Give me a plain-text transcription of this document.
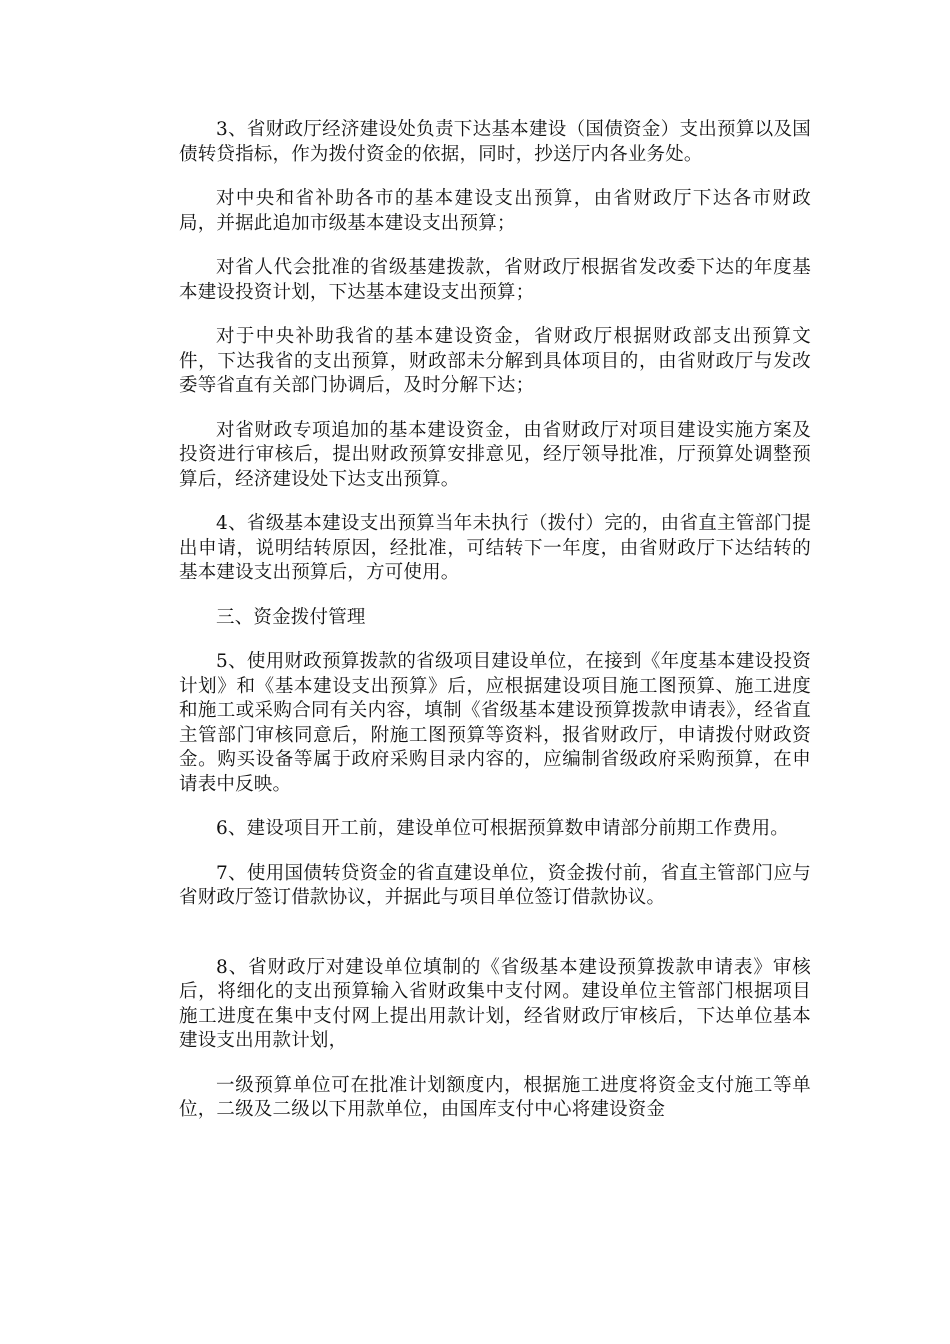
3、省财政厅经济建设处负责下达基本建设（国债资金）支出预算以及国债转贷指标，作为拨付资金的依据，同时，抄送厅内各业务处。

对中央和省补助各市的基本建设支出预算，由省财政厅下达各市财政局，并据此追加市级基本建设支出预算；

对省人代会批准的省级基建拨款，省财政厅根据省发改委下达的年度基本建设投资计划，下达基本建设支出预算；

对于中央补助我省的基本建设资金，省财政厅根据财政部支出预算文件，下达我省的支出预算，财政部未分解到具体项目的，由省财政厅与发改委等省直有关部门协调后，及时分解下达；

对省财政专项追加的基本建设资金，由省财政厅对项目建设实施方案及投资进行审核后，提出财政预算安排意见，经厅领导批准，厅预算处调整预算后，经济建设处下达支出预算。

4、省级基本建设支出预算当年未执行（拨付）完的，由省直主管部门提出申请，说明结转原因，经批准，可结转下一年度，由省财政厅下达结转的基本建设支出预算后，方可使用。

三、资金拨付管理

5、使用财政预算拨款的省级项目建设单位，在接到《年度基本建设投资计划》和《基本建设支出预算》后，应根据建设项目施工图预算、施工进度和施工或采购合同有关内容，填制《省级基本建设预算拨款申请表》，经省直主管部门审核同意后，附施工图预算等资料，报省财政厅，申请拨付财政资金。购买设备等属于政府采购目录内容的，应编制省级政府采购预算，在申请表中反映。

6、建设项目开工前，建设单位可根据预算数申请部分前期工作费用。

7、使用国债转贷资金的省直建设单位，资金拨付前，省直主管部门应与省财政厅签订借款协议，并据此与项目单位签订借款协议。

8、省财政厅对建设单位填制的《省级基本建设预算拨款申请表》审核后，将细化的支出预算输入省财政集中支付网。建设单位主管部门根据项目施工进度在集中支付网上提出用款计划，经省财政厅审核后，下达单位基本建设支出用款计划，

一级预算单位可在批准计划额度内，根据施工进度将资金支付施工等单位，二级及二级以下用款单位，由国库支付中心将建设资金
